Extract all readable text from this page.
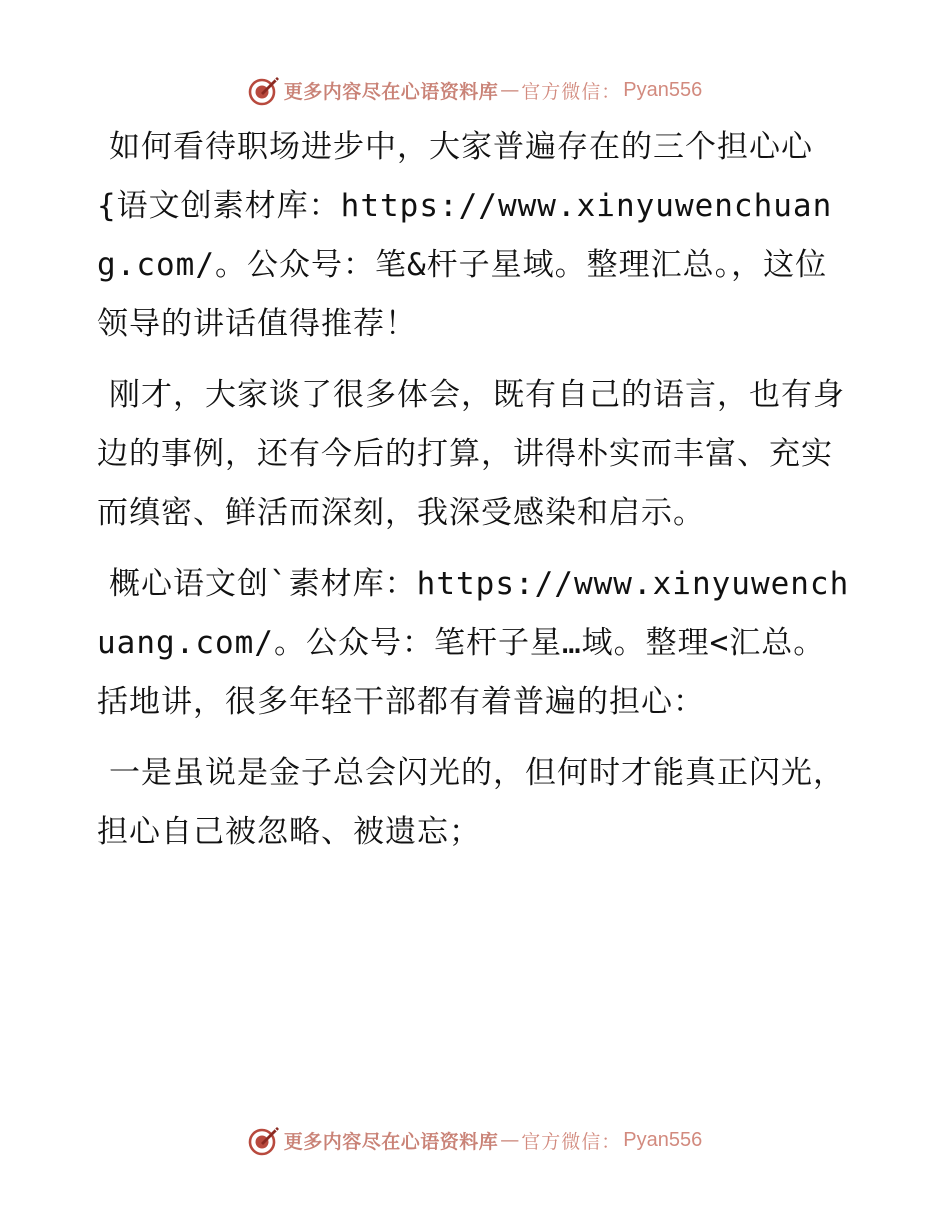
更多内容尽在心语资料库 — 官方微信： Pyan556

如何看待职场进步中，大家普遍存在的三个担心心{语文创素材库：https://www.xinyuwenchuang.com/。公众号：笔&杆子星域。整理汇总。，这位领导的讲话值得推荐！

刚才，大家谈了很多体会，既有自己的语言，也有身边的事例，还有今后的打算，讲得朴实而丰富、充实而缜密、鲜活而深刻，我深受感染和启示。

概心语文创`素材库：https://www.xinyuwenchuang.com/。公众号：笔杆子星…域。整理<汇总。括地讲，很多年轻干部都有着普遍的担心：

一是虽说是金子总会闪光的，但何时才能真正闪光，担心自己被忽略、被遗忘；

更多内容尽在心语资料库 — 官方微信： Pyan556
